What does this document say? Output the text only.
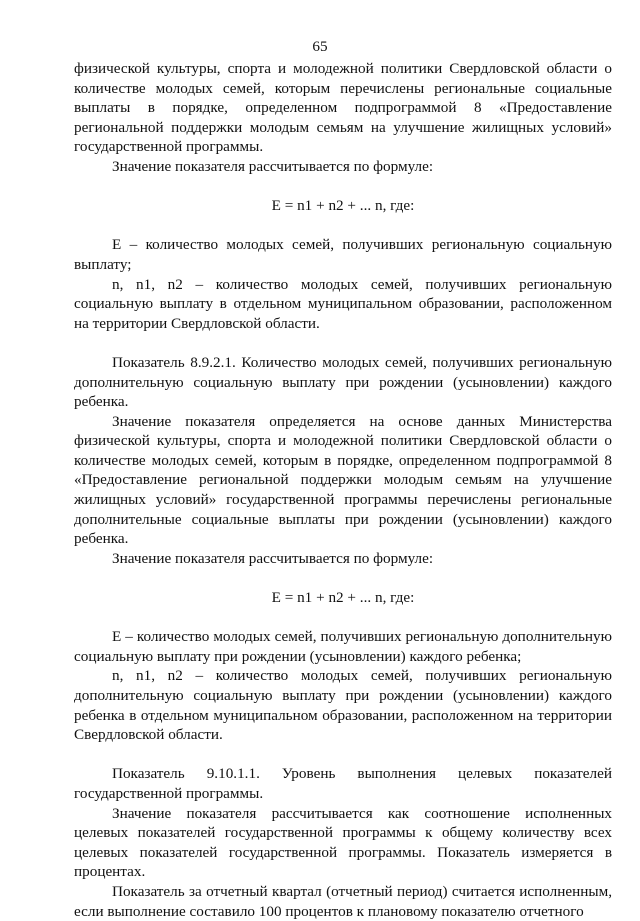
65

физической культуры, спорта и молодежной политики Свердловской области о количестве молодых семей, которым перечислены региональные социальные выплаты в порядке, определенном подпрограммой 8 «Предоставление региональной поддержки молодым семьям на улучшение жилищных условий» государственной программы.

Значение показателя рассчитывается по формуле:

E = n1 + n2 + ... n, где:

E – количество молодых семей, получивших региональную социальную выплату;

n, n1, n2 – количество молодых семей, получивших региональную социальную выплату в отдельном муниципальном образовании, расположенном на территории Свердловской области.

Показатель 8.9.2.1. Количество молодых семей, получивших региональную дополнительную социальную выплату при рождении (усыновлении) каждого ребенка.

Значение показателя определяется на основе данных Министерства физической культуры, спорта и молодежной политики Свердловской области о количестве молодых семей, которым в порядке, определенном подпрограммой 8 «Предоставление региональной поддержки молодым семьям на улучшение жилищных условий» государственной программы перечислены региональные дополнительные социальные выплаты при рождении (усыновлении) каждого ребенка.

Значение показателя рассчитывается по формуле:

E = n1 + n2 + ... n, где:

E – количество молодых семей, получивших региональную дополнительную социальную выплату при рождении (усыновлении) каждого ребенка;

n, n1, n2 – количество молодых семей, получивших региональную дополнительную социальную выплату при рождении (усыновлении) каждого ребенка в отдельном муниципальном образовании, расположенном на территории Свердловской области.

Показатель 9.10.1.1. Уровень выполнения целевых показателей государственной программы.

Значение показателя рассчитывается как соотношение исполненных целевых показателей государственной программы к общему количеству всех целевых показателей государственной программы. Показатель измеряется в процентах.

Показатель за отчетный квартал (отчетный период) считается исполненным, если выполнение составило 100 процентов к плановому показателю отчетного
